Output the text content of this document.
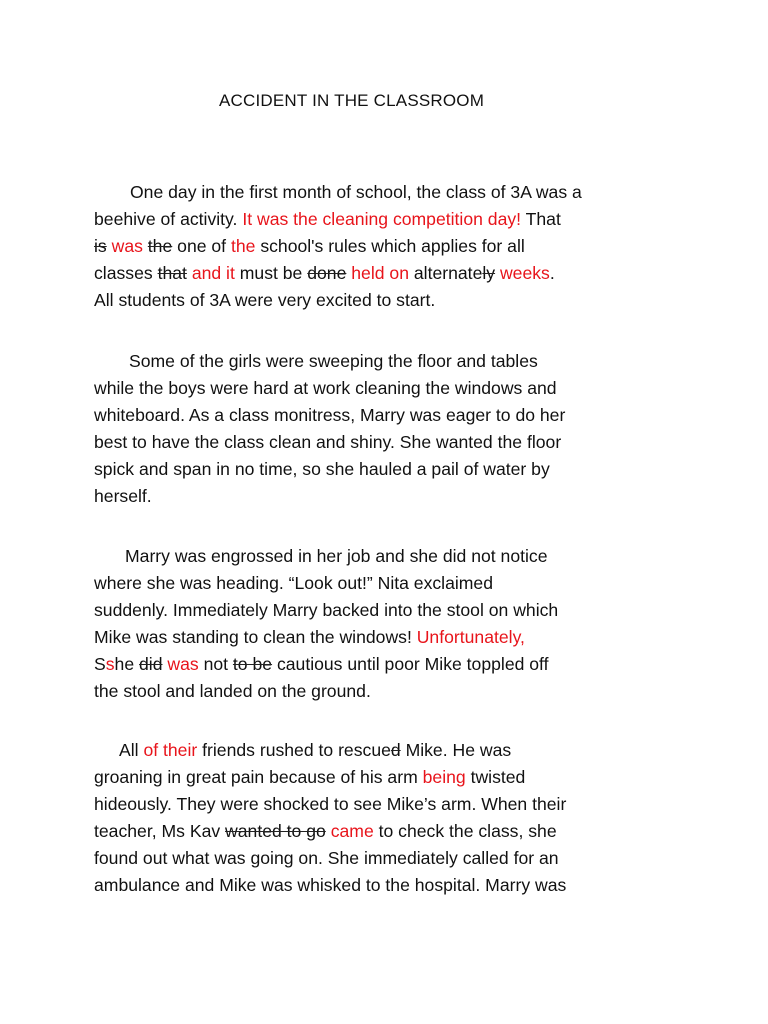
ACCIDENT IN THE CLASSROOM
One day in the first month of school, the class of 3A was a
beehive of activity. It was the cleaning competition day! That
is was the one of the school's rules which applies for all
classes that and it must be done held on alternately weeks.
All students of 3A were very excited to start.
Some of the girls were sweeping the floor and tables
while the boys were hard at work cleaning the windows and
whiteboard. As a class monitress, Marry was eager to do her
best to have the class clean and shiny. She wanted the floor
spick and span in no time, so she hauled a pail of water by
herself.
Marry was engrossed in her job and she did not notice
where she was heading. “Look out!” Nita exclaimed
suddenly. Immediately Marry backed into the stool on which
Mike was standing to clean the windows! Unfortunately,
Sshe did was not to be cautious until poor Mike toppled off
the stool and landed on the ground.
All of their friends rushed to rescued Mike. He was
groaning in great pain because of his arm being twisted
hideously. They were shocked to see Mike’s arm. When their
teacher, Ms Kav wanted to go came to check the class, she
found out what was going on. She immediately called for an
ambulance and Mike was whisked to the hospital. Marry was
